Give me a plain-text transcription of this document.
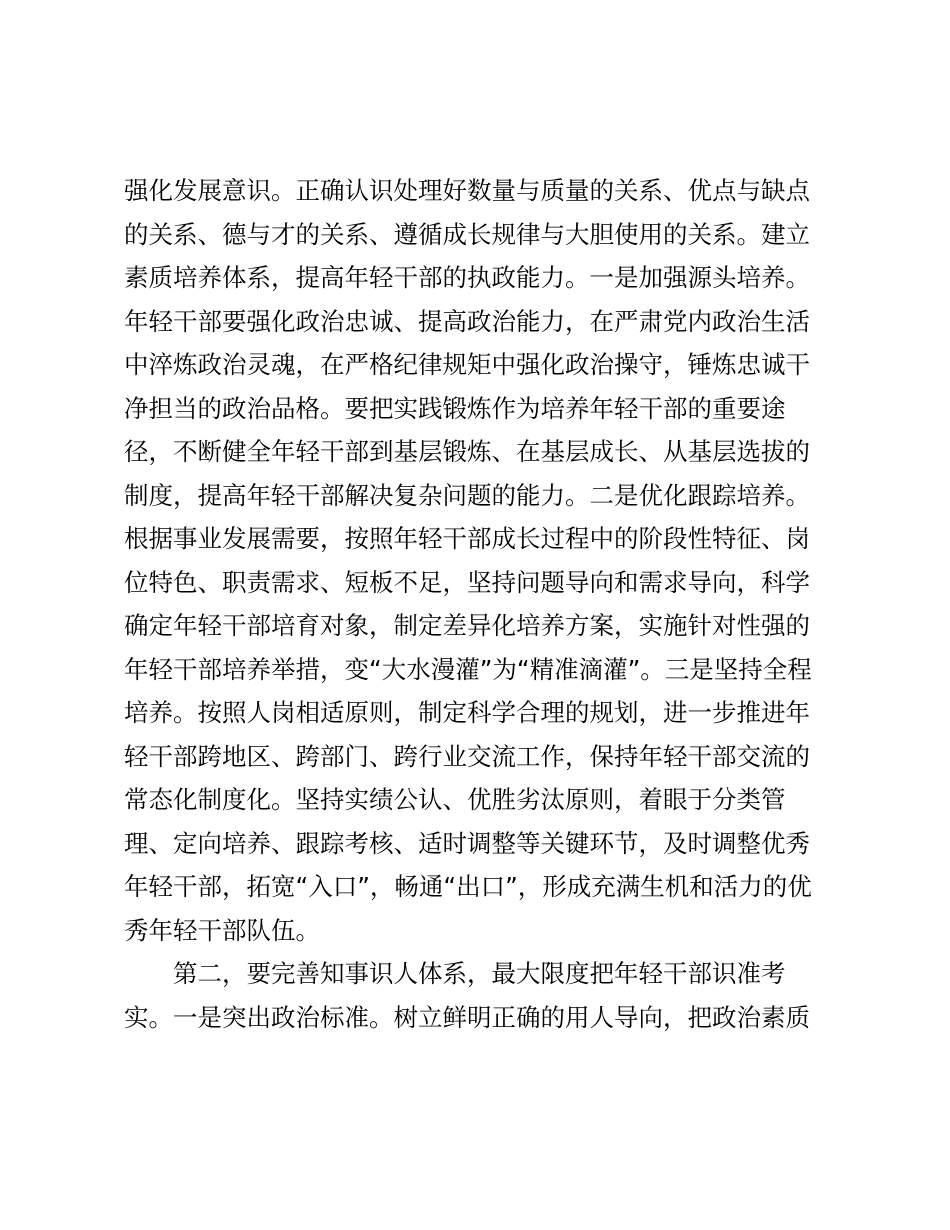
强化发展意识。正确认识处理好数量与质量的关系、优点与缺点
的关系、德与才的关系、遵循成长规律与大胆使用的关系。建立
素质培养体系，提高年轻干部的执政能力。一是加强源头培养。
年轻干部要强化政治忠诚、提高政治能力，在严肃党内政治生活
中淬炼政治灵魂，在严格纪律规矩中强化政治操守，锤炼忠诚干
净担当的政治品格。要把实践锻炼作为培养年轻干部的重要途
径，不断健全年轻干部到基层锻炼、在基层成长、从基层选拔的
制度，提高年轻干部解决复杂问题的能力。二是优化跟踪培养。
根据事业发展需要，按照年轻干部成长过程中的阶段性特征、岗
位特色、职责需求、短板不足，坚持问题导向和需求导向，科学
确定年轻干部培育对象，制定差异化培养方案，实施针对性强的
年轻干部培养举措，变“大水漫灌”为“精准滴灌”。三是坚持全程
培养。按照人岗相适原则，制定科学合理的规划，进一步推进年
轻干部跨地区、跨部门、跨行业交流工作，保持年轻干部交流的
常态化制度化。坚持实绩公认、优胜劣汰原则，着眼于分类管
理、定向培养、跟踪考核、适时调整等关键环节，及时调整优秀
年轻干部，拓宽“入口”，畅通“出口”，形成充满生机和活力的优
秀年轻干部队伍。
第二，要完善知事识人体系，最大限度把年轻干部识准考
实。一是突出政治标准。树立鲜明正确的用人导向，把政治素质
